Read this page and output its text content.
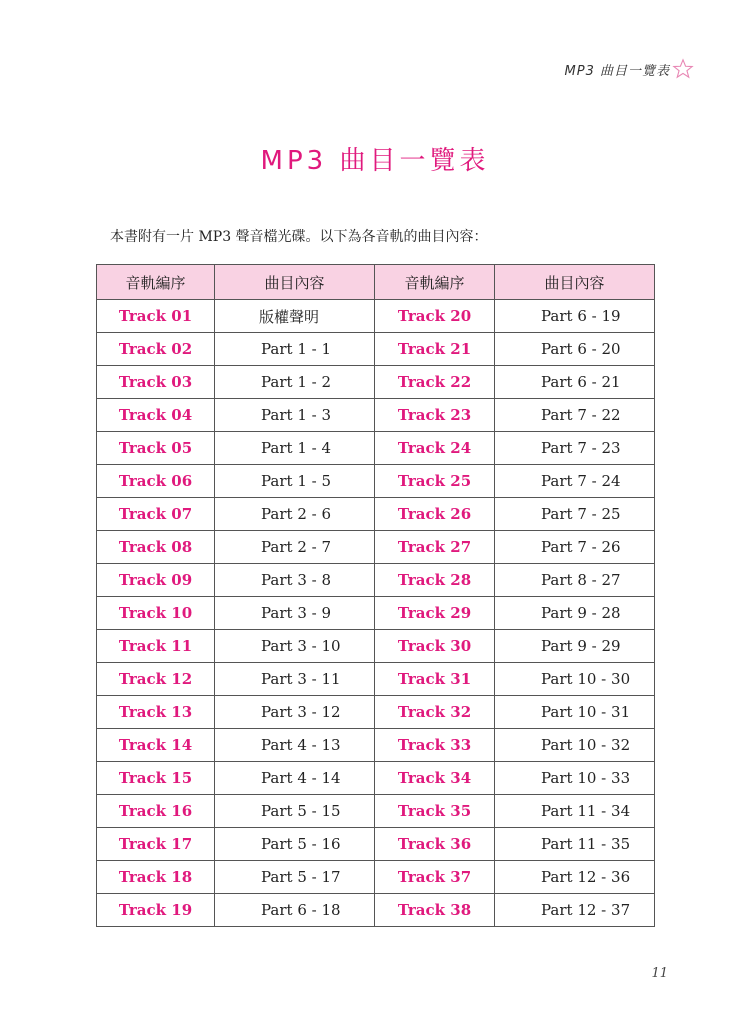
MP3 曲目一覽表
MP3 曲目一覽表
本書附有一片 MP3 聲音檔光碟。以下為各音軌的曲目內容：
音軌編序	曲目內容	音軌編序	曲目內容
Track 01	版權聲明	Track 20	Part 6 - 19
Track 02	Part 1 - 1	Track 21	Part 6 - 20
Track 03	Part 1 - 2	Track 22	Part 6 - 21
Track 04	Part 1 - 3	Track 23	Part 7 - 22
Track 05	Part 1 - 4	Track 24	Part 7 - 23
Track 06	Part 1 - 5	Track 25	Part 7 - 24
Track 07	Part 2 - 6	Track 26	Part 7 - 25
Track 08	Part 2 - 7	Track 27	Part 7 - 26
Track 09	Part 3 - 8	Track 28	Part 8 - 27
Track 10	Part 3 - 9	Track 29	Part 9 - 28
Track 11	Part 3 - 10	Track 30	Part 9 - 29
Track 12	Part 3 - 11	Track 31	Part 10 - 30
Track 13	Part 3 - 12	Track 32	Part 10 - 31
Track 14	Part 4 - 13	Track 33	Part 10 - 32
Track 15	Part 4 - 14	Track 34	Part 10 - 33
Track 16	Part 5 - 15	Track 35	Part 11 - 34
Track 17	Part 5 - 16	Track 36	Part 11 - 35
Track 18	Part 5 - 17	Track 37	Part 12 - 36
Track 19	Part 6 - 18	Track 38	Part 12 - 37
11
